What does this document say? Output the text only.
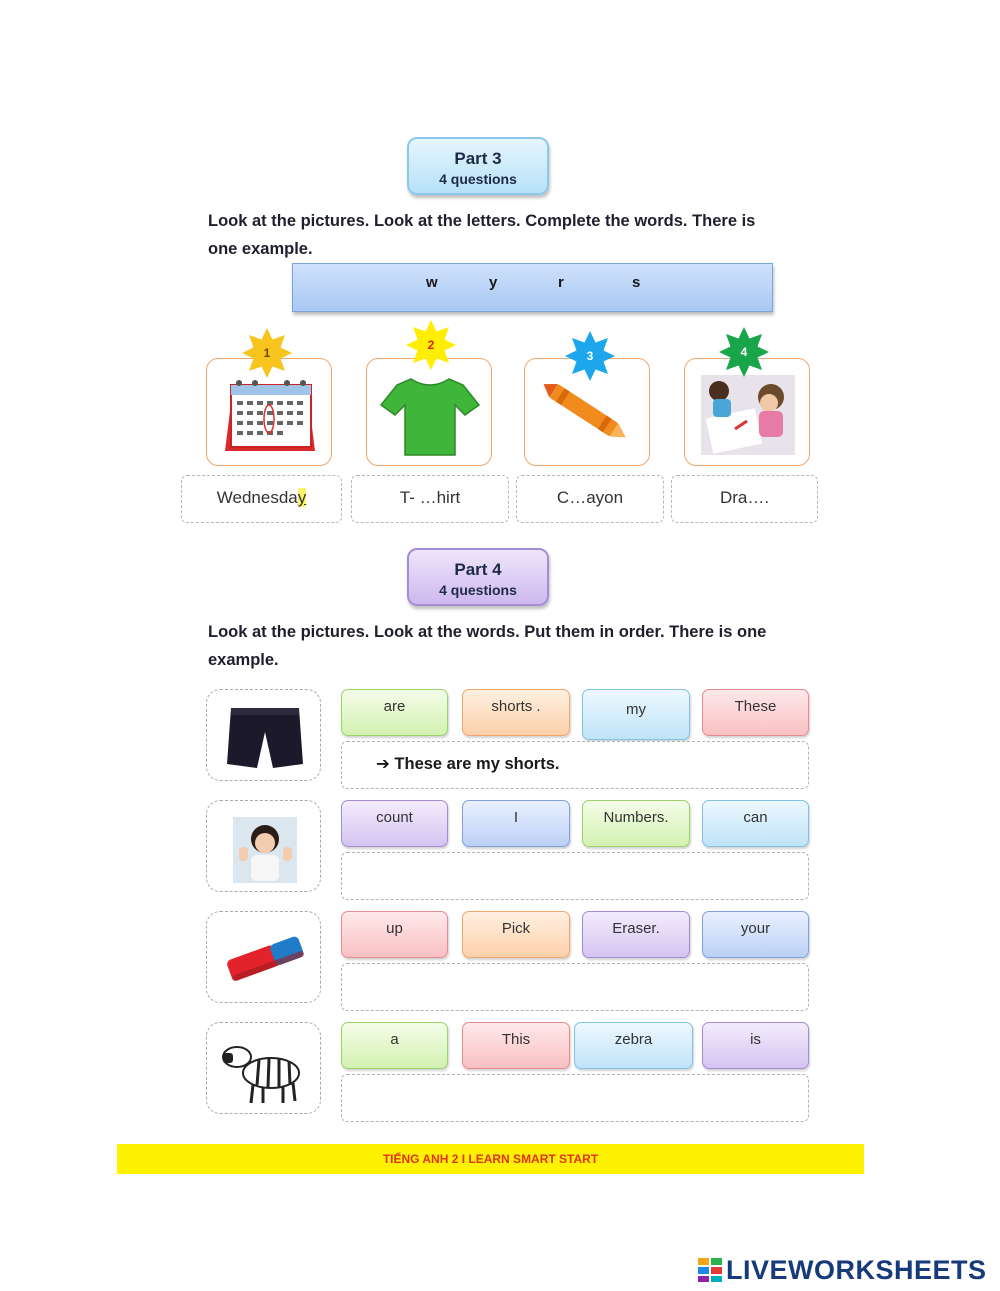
Part 3
4 questions
Look at the pictures. Look at the letters. Complete the words. There is
one example.
w	y	r	s
1
2
3	4
Wednesday	T- …hirt	C…ayon	Dra….
Part 4
4 questions
Look at the pictures. Look at the words. Put them in order. There is one
example.
are	shorts .	my	These
➔ These are my shorts.
count	I	Numbers.	can
up	Pick	Eraser.	your
a	This	zebra	is
TIẾNG ANH 2 I LEARN SMART START
LIVEWORKSHEETS
